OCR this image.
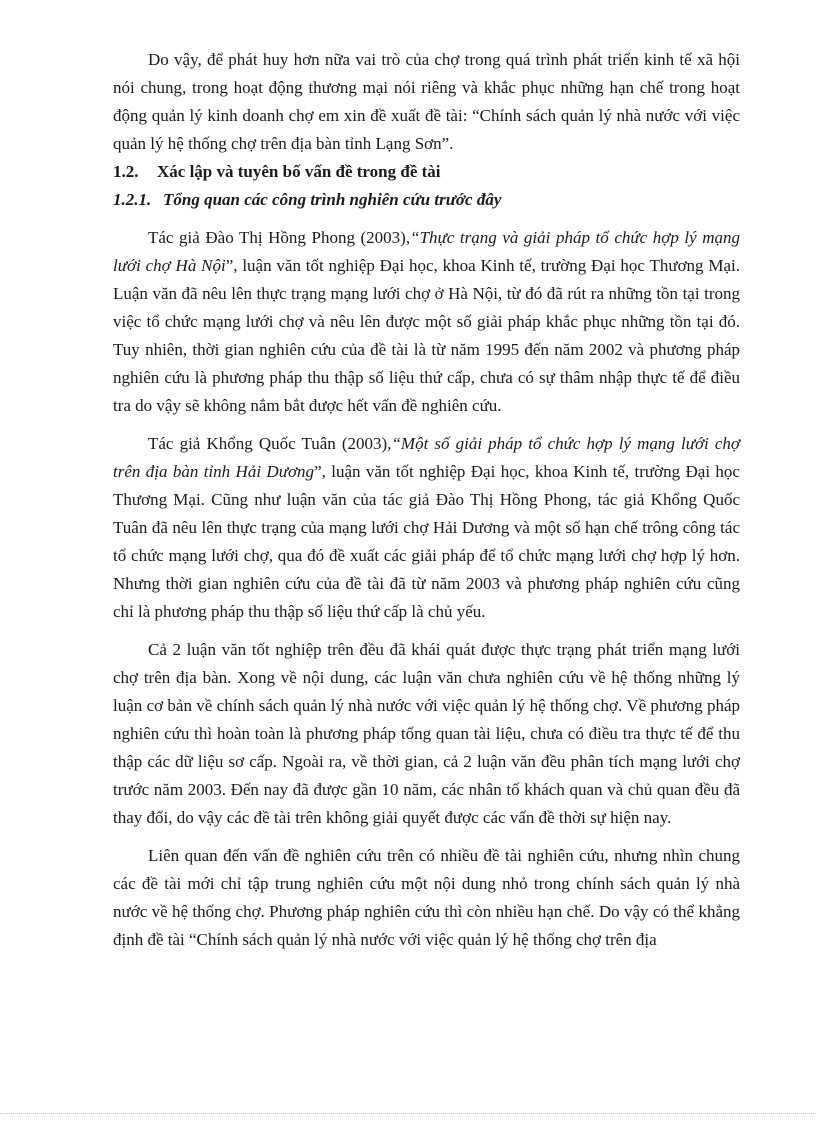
Do vậy, để phát huy hơn nữa vai trò của chợ trong quá trình phát triển kinh tế xã hội nói chung, trong hoạt động thương mại nói riêng và khắc phục những hạn chế trong hoạt động quản lý kinh doanh chợ em xin đề xuất đề tài: “Chính sách quản lý nhà nước với việc quản lý hệ thống chợ trên địa bàn tỉnh Lạng Sơn”.

1.2. Xác lập và tuyên bố vấn đề trong đề tài

1.2.1. Tổng quan các công trình nghiên cứu trước đây

Tác giả Đào Thị Hồng Phong (2003),“Thực trạng và giải pháp tổ chức hợp lý mạng lưới chợ Hà Nội”, luận văn tốt nghiệp Đại học, khoa Kinh tế, trường Đại học Thương Mại. Luận văn đã nêu lên thực trạng mạng lưới chợ ở Hà Nội, từ đó đã rút ra những tồn tại trong việc tổ chức mạng lưới chợ và nêu lên được một số giải pháp khắc phục những tồn tại đó. Tuy nhiên, thời gian nghiên cứu của đề tài là từ năm 1995 đến năm 2002 và phương pháp nghiên cứu là phương pháp thu thập số liệu thứ cấp, chưa có sự thâm nhập thực tế để điều tra do vậy sẽ không nắm bắt được hết vấn đề nghiên cứu.

Tác giả Khổng Quốc Tuân (2003),“Một số giải pháp tổ chức hợp lý mạng lưới chợ trên địa bàn tỉnh Hải Dương”, luận văn tốt nghiệp Đại học, khoa Kinh tế, trường Đại học Thương Mại. Cũng như luận văn của tác giả Đào Thị Hồng Phong, tác giả Khổng Quốc Tuân đã nêu lên thực trạng của mạng lưới chợ Hải Dương và một số hạn chế trông công tác tổ chức mạng lưới chợ, qua đó đề xuất các giải pháp để tổ chức mạng lưới chợ hợp lý hơn. Nhưng thời gian nghiên cứu của đề tài đã từ năm 2003 và phương pháp nghiên cứu cũng chỉ là phương pháp thu thập số liệu thứ cấp là chủ yếu.

Cả 2 luận văn tốt nghiệp trên đều đã khái quát được thực trạng phát triển mạng lưới chợ trên địa bàn. Xong về nội dung, các luận văn chưa nghiên cứu về hệ thống những lý luận cơ bản về chính sách quản lý nhà nước với việc quản lý hệ thống chợ. Về phương pháp nghiên cứu thì hoàn toàn là phương pháp tổng quan tài liệu, chưa có điều tra thực tế để thu thập các dữ liệu sơ cấp. Ngoài ra, về thời gian, cả 2 luận văn đều phân tích mạng lưới chợ trước năm 2003. Đến nay đã được gần 10 năm, các nhân tố khách quan và chủ quan đều đã thay đổi, do vậy các đề tài trên không giải quyết được các vấn đề thời sự hiện nay.

Liên quan đến vấn đề nghiên cứu trên có nhiều đề tài nghiên cứu, nhưng nhìn chung các đề tài mới chỉ tập trung nghiên cứu một nội dung nhỏ trong chính sách quản lý nhà nước về hệ thống chợ. Phương pháp nghiên cứu thì còn nhiều hạn chế. Do vậy có thể khẳng định đề tài “Chính sách quản lý nhà nước với việc quản lý hệ thống chợ trên địa
